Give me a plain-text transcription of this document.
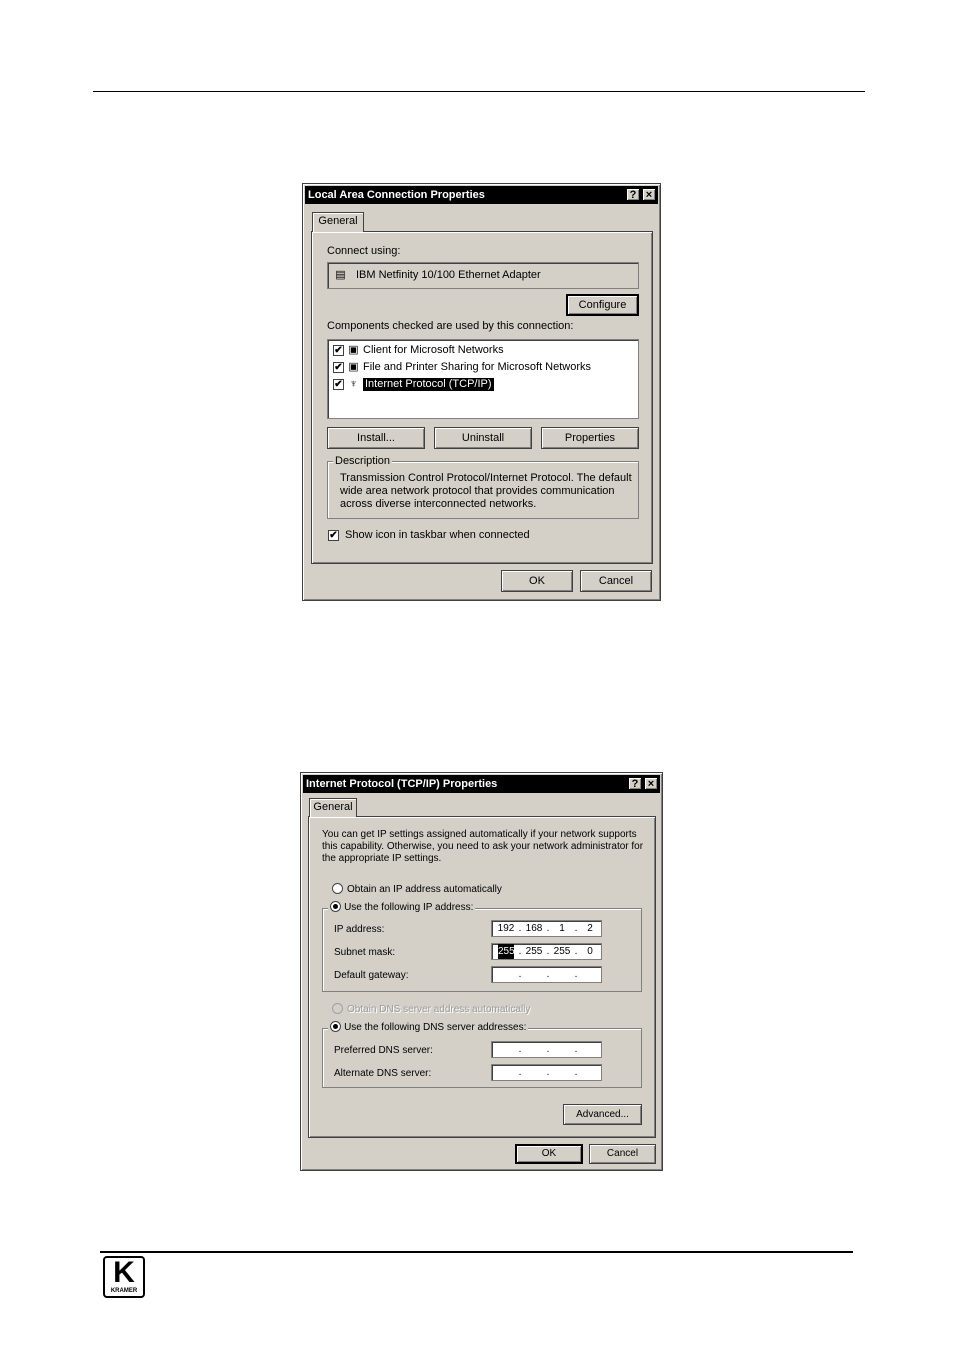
Local Area Connection Properties	? ×
General
Connect using:
▤ IBM Netfinity 10/100 Ethernet Adapter
Configure
Components checked are used by this connection:
✔ ▣ Client for Microsoft Networks
✔ ▣ File and Printer Sharing for Microsoft Networks
✔ ♆ Internet Protocol (TCP/IP)
Install...	Uninstall	Properties
Description
Transmission Control Protocol/Internet Protocol. The default
wide area network protocol that provides communication
across diverse interconnected networks.
✔ Show icon in taskbar when connected
OK	Cancel
Internet Protocol (TCP/IP) Properties	? ×
General
You can get IP settings assigned automatically if your network supports
this capability. Otherwise, you need to ask your network administrator for
the appropriate IP settings.
Obtain an IP address automatically
Use the following IP address:
IP address:	192 . 168 . 1 . 2
Subnet mask:	255 . 255 . 255 . 0
Default gateway:	.	.	.
Obtain DNS server address automatically
Use the following DNS server addresses:
Preferred DNS server:	.	.	.
Alternate DNS server:	.	.	.
Advanced...
OK	Cancel
K
KRAMER
